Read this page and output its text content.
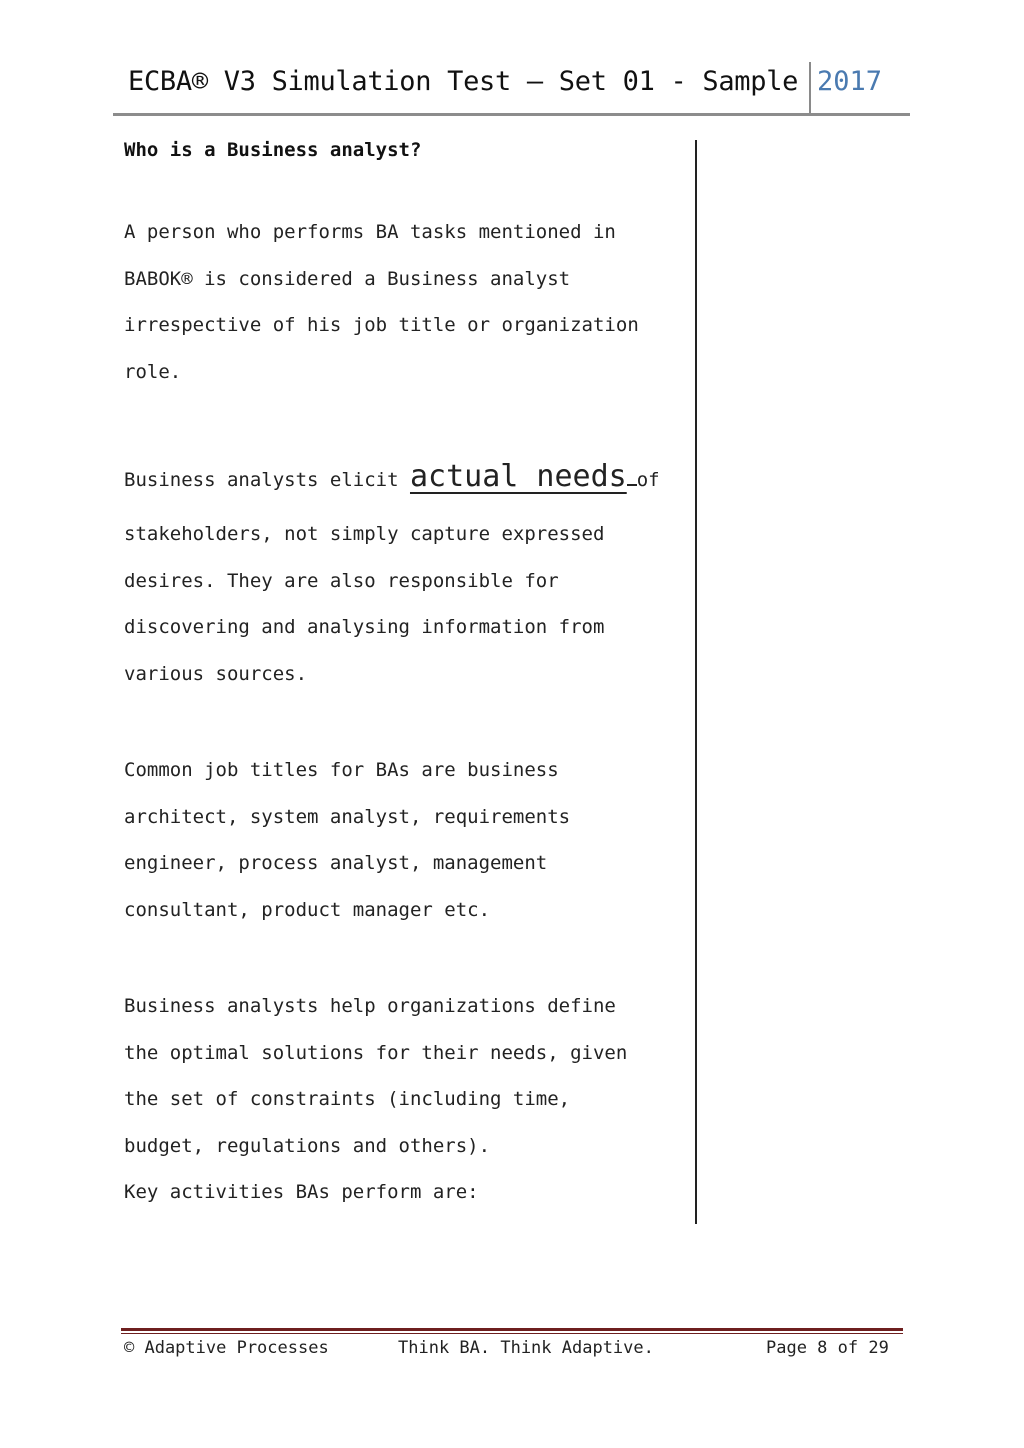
ECBA® V3 Simulation Test – Set 01 - Sample 2017
Who is a Business analyst?
A person who performs BA tasks mentioned in
BABOK® is considered a Business analyst
irrespective of his job title or organization
role.
Business analysts elicit actual needs of
stakeholders, not simply capture expressed
desires. They are also responsible for
discovering and analysing information from
various sources.
Common job titles for BAs are business
architect, system analyst, requirements
engineer, process analyst, management
consultant, product manager etc.
Business analysts help organizations define
the optimal solutions for their needs, given
the set of constraints (including time,
budget, regulations and others).
Key activities BAs perform are:
© Adaptive Processes	Think BA. Think Adaptive.	Page 8 of 29
